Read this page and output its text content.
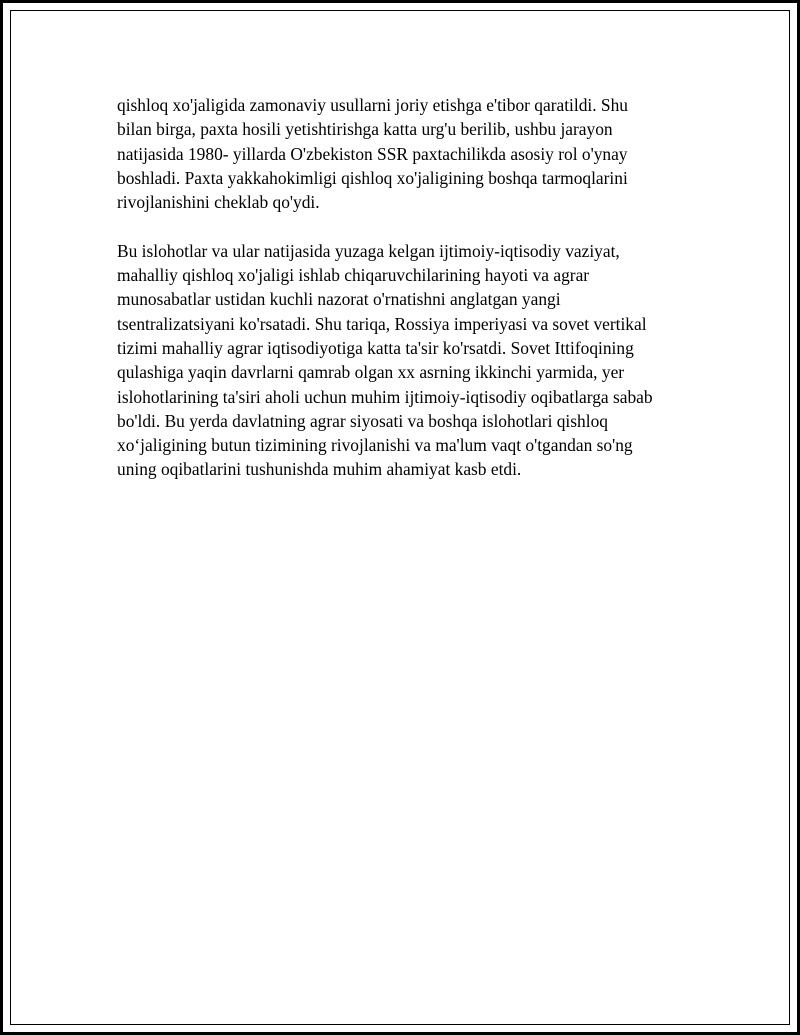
qishloq xo'jaligida zamonaviy usullarni joriy etishga e'tibor qaratildi. Shu
bilan birga, paxta hosili yetishtirishga katta urg'u berilib, ushbu jarayon
natijasida 1980- yillarda O'zbekiston SSR paxtachilikda asosiy rol o'ynay
boshladi. Paxta yakkahokimligi qishloq xo'jaligining boshqa tarmoqlarini
rivojlanishini cheklab qo'ydi.

Bu islohotlar va ular natijasida yuzaga kelgan ijtimoiy-iqtisodiy vaziyat,
mahalliy qishloq xo'jaligi ishlab chiqaruvchilarining hayoti va agrar
munosabatlar ustidan kuchli nazorat o'rnatishni anglatgan yangi
tsentralizatsiyani ko'rsatadi. Shu tariqa, Rossiya imperiyasi va sovet vertikal
tizimi mahalliy agrar iqtisodiyotiga katta ta'sir ko'rsatdi. Sovet Ittifoqining
qulashiga yaqin davrlarni qamrab olgan xx asrning ikkinchi yarmida, yer
islohotlarining ta'siri aholi uchun muhim ijtimoiy-iqtisodiy oqibatlarga sabab
bo'ldi. Bu yerda davlatning agrar siyosati va boshqa islohotlari qishloq
xo‘jaligining butun tizimining rivojlanishi va ma'lum vaqt o'tgandan so'ng
uning oqibatlarini tushunishda muhim ahamiyat kasb etdi.
